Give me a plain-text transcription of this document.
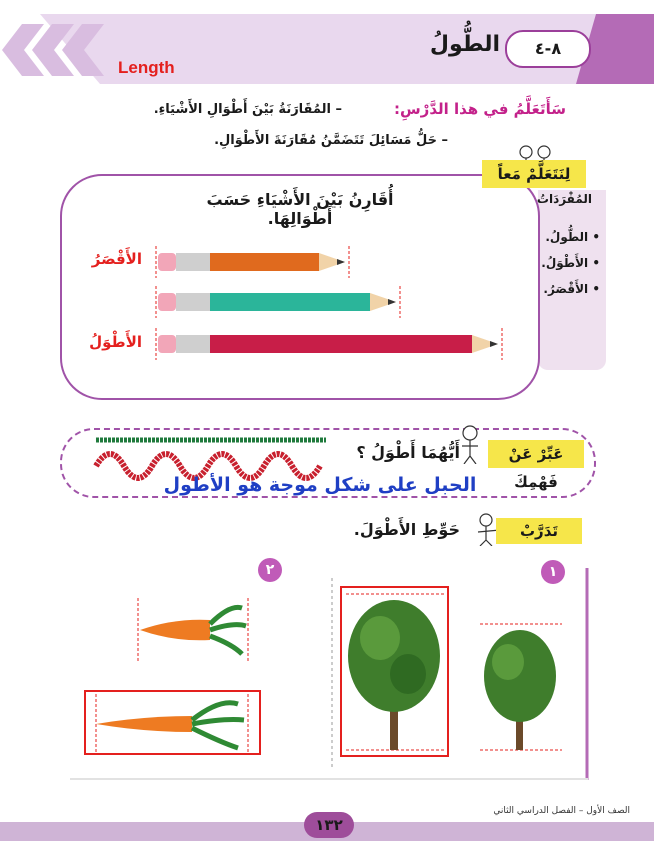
٨-٤
الطُّولُ
Length
سَأَتَعَلَّمُ في هذا الدَّرْسِ:
– المُقَارَنَةُ بَيْنَ أَطْوَالِ الأَشْيَاءِ.
– حَلُّ مَسَائِلَ تَتَضَمَّنُ مُقَارَنَةَ الأَطْوَالِ.
المُفْرَدَاتُ
• الطُّولُ.
• الأَطْوَلُ.
• الأَقْصَرُ.
لِنَتَعَلَّمْ مَعاً
أُقَارِنُ بَيْنَ الأَشْيَاءِ حَسَبَ أَطْوَالِهَا.
الأَقْصَرُ
الأَطْوَلُ
عَبِّرْ عَنْ فَهْمِكَ
أَيُّهُمَا أَطْوَلُ ؟
الحبل على شكل موجة هو الأطول
تَدَرَّبْ
حَوِّطِ الأَطْوَلَ.
١
٢
١٣٢
الصف الأول – الفصل الدراسي الثاني
